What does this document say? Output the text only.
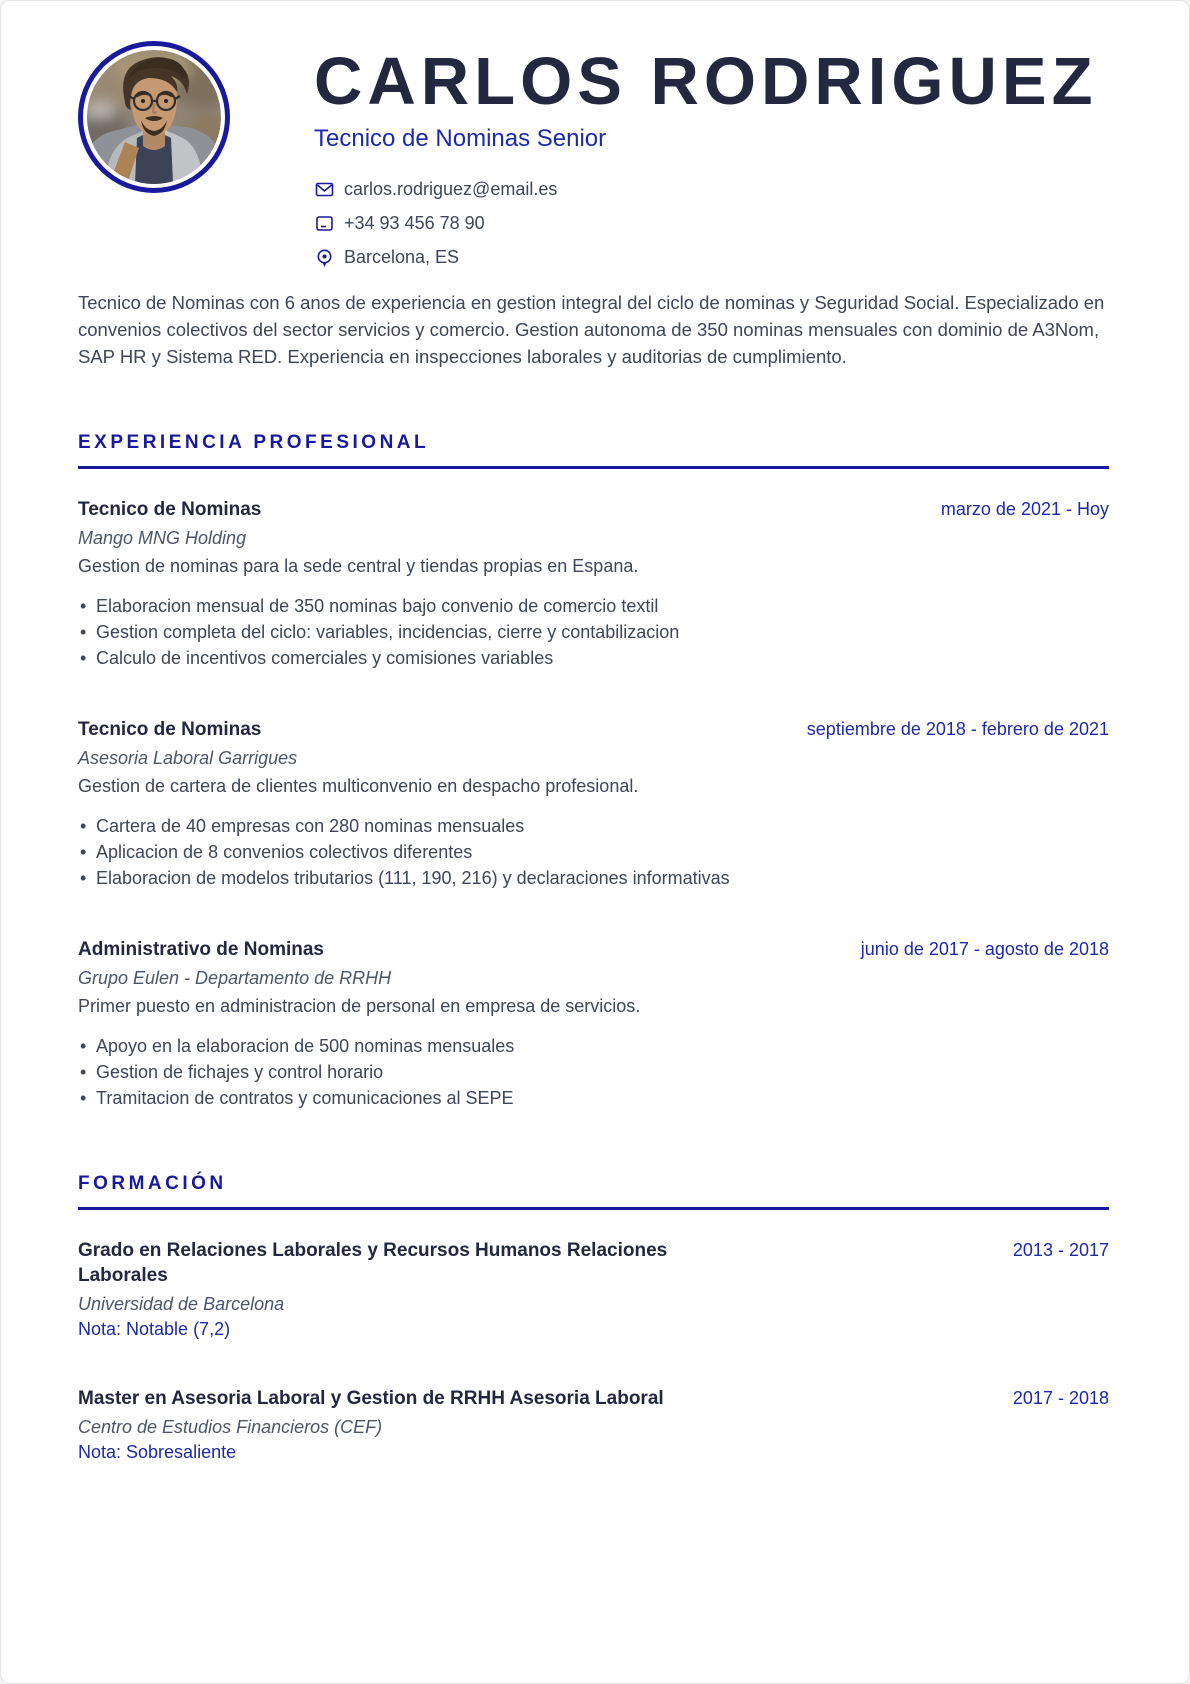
CARLOS RODRIGUEZ
Tecnico de Nominas Senior
carlos.rodriguez@email.es
+34 93 456 78 90
Barcelona, ES

Tecnico de Nominas con 6 anos de experiencia en gestion integral del ciclo de nominas y Seguridad Social. Especializado en convenios colectivos del sector servicios y comercio. Gestion autonoma de 350 nominas mensuales con dominio de A3Nom, SAP HR y Sistema RED. Experiencia en inspecciones laborales y auditorias de cumplimiento.

EXPERIENCIA PROFESIONAL
Tecnico de Nominas	marzo de 2021 - Hoy
Mango MNG Holding
Gestion de nominas para la sede central y tiendas propias en Espana.
• Elaboracion mensual de 350 nominas bajo convenio de comercio textil
• Gestion completa del ciclo: variables, incidencias, cierre y contabilizacion
• Calculo de incentivos comerciales y comisiones variables
Tecnico de Nominas	septiembre de 2018 - febrero de 2021
Asesoria Laboral Garrigues
Gestion de cartera de clientes multiconvenio en despacho profesional.
• Cartera de 40 empresas con 280 nominas mensuales
• Aplicacion de 8 convenios colectivos diferentes
• Elaboracion de modelos tributarios (111, 190, 216) y declaraciones informativas
Administrativo de Nominas	junio de 2017 - agosto de 2018
Grupo Eulen - Departamento de RRHH
Primer puesto en administracion de personal en empresa de servicios.
• Apoyo en la elaboracion de 500 nominas mensuales
• Gestion de fichajes y control horario
• Tramitacion de contratos y comunicaciones al SEPE
FORMACIÓN
Grado en Relaciones Laborales y Recursos Humanos Relaciones Laborales
2013 - 2017
Universidad de Barcelona
Nota: Notable (7,2)
Master en Asesoria Laboral y Gestion de RRHH Asesoria Laboral	2017 - 2018
Centro de Estudios Financieros (CEF)
Nota: Sobresaliente
